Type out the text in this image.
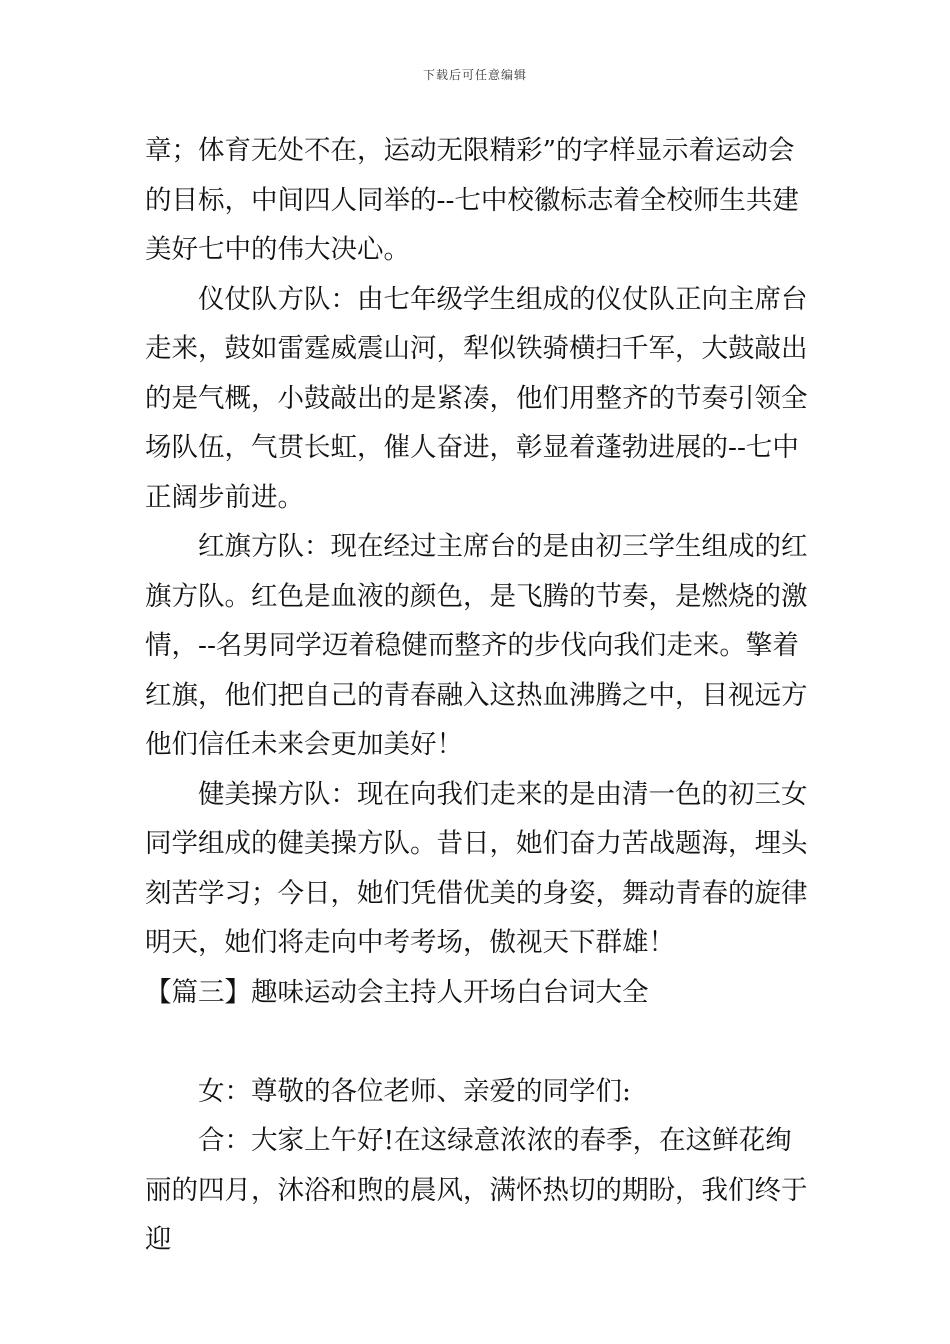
下载后可任意编辑

章；体育无处不在，运动无限精彩”的字样显示着运动会的目标，中间四人同举的--七中校徽标志着全校师生共建美好七中的伟大决心。

仪仗队方队：由七年级学生组成的仪仗队正向主席台走来，鼓如雷霆威震山河，犁似铁骑横扫千军，大鼓敲出的是气概，小鼓敲出的是紧凑，他们用整齐的节奏引领全场队伍，气贯长虹，催人奋进，彰显着蓬勃进展的--七中正阔步前进。

红旗方队：现在经过主席台的是由初三学生组成的红旗方队。红色是血液的颜色，是飞腾的节奏，是燃烧的激情，--名男同学迈着稳健而整齐的步伐向我们走来。擎着红旗，他们把自己的青春融入这热血沸腾之中，目视远方他们信任未来会更加美好！

健美操方队：现在向我们走来的是由清一色的初三女同学组成的健美操方队。昔日，她们奋力苦战题海，埋头刻苦学习；今日，她们凭借优美的身姿，舞动青春的旋律明天，她们将走向中考考场，傲视天下群雄！

【篇三】趣味运动会主持人开场白台词大全

女：尊敬的各位老师、亲爱的同学们:

合：大家上午好!在这绿意浓浓的春季，在这鲜花绚丽的四月，沐浴和煦的晨风，满怀热切的期盼，我们终于迎
